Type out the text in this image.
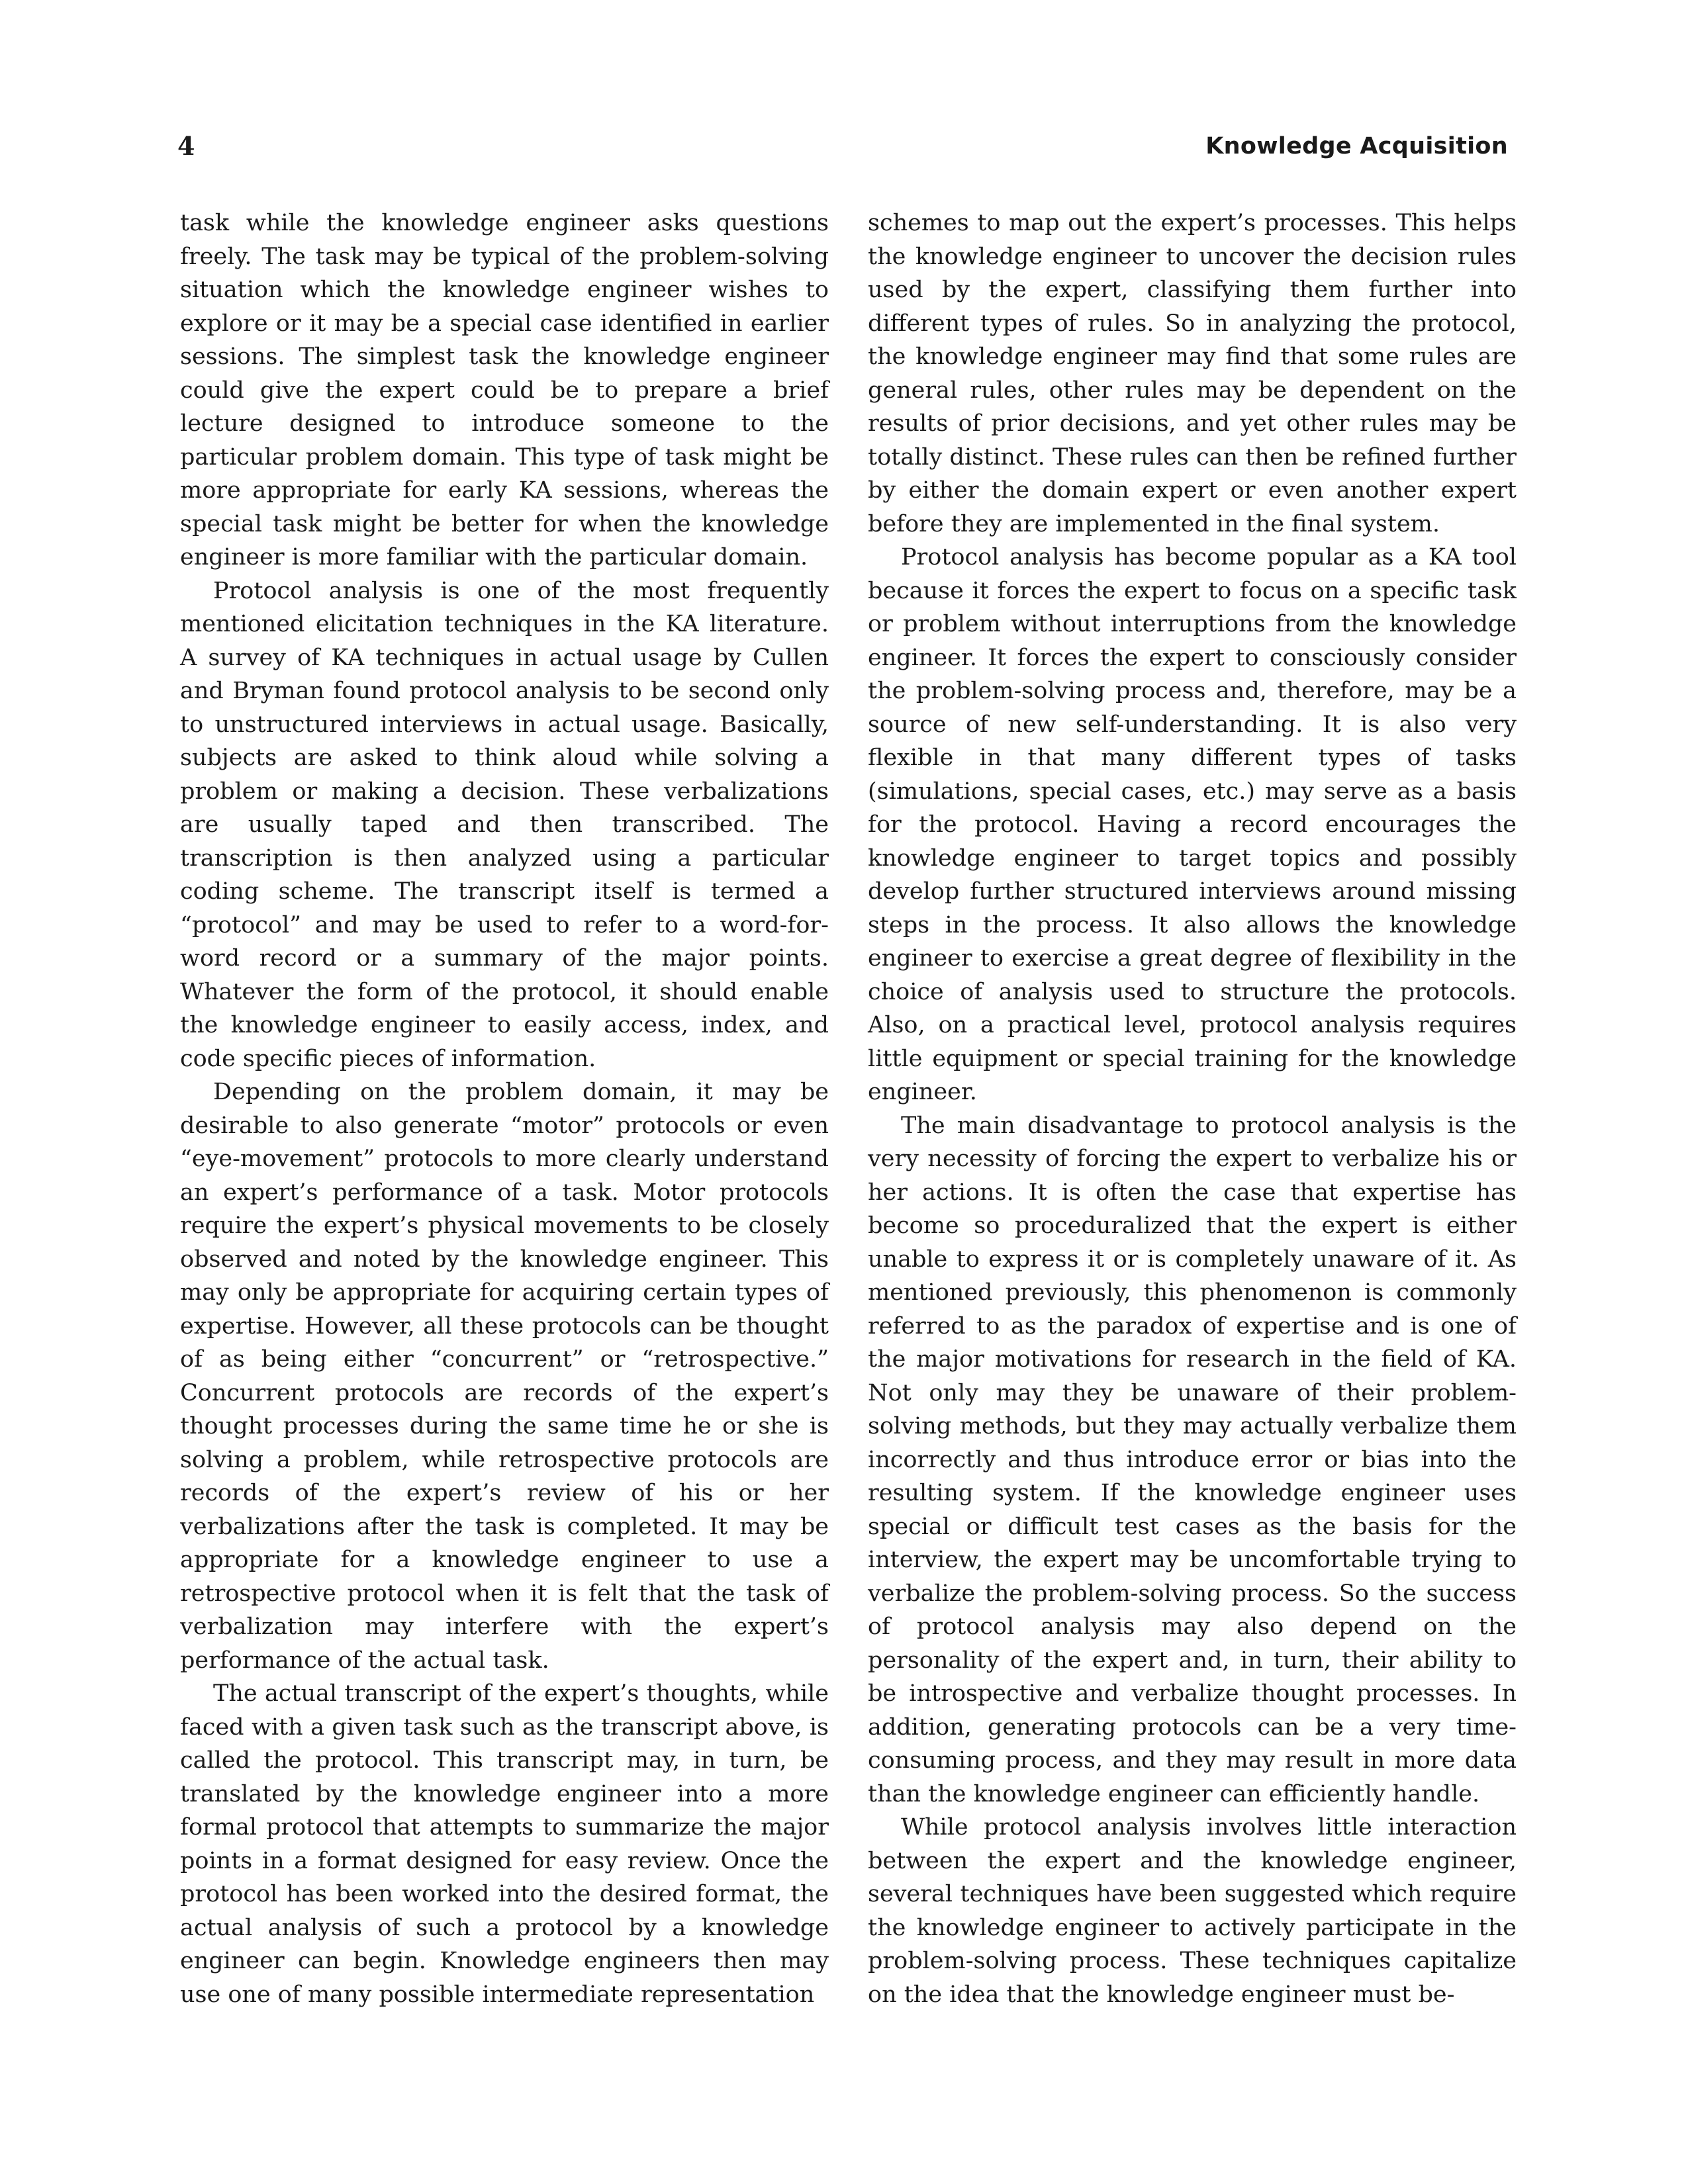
4	Knowledge Acquisition

task while the knowledge engineer asks questions freely. The task may be typical of the problem-solving situation which the knowledge engineer wishes to explore or it may be a special case identified in earlier sessions. The simplest task the knowledge engineer could give the expert could be to prepare a brief lecture designed to introduce someone to the particular problem domain. This type of task might be more appropriate for early KA sessions, whereas the special task might be better for when the knowledge engineer is more familiar with the particular domain.

Protocol analysis is one of the most frequently mentioned elicitation techniques in the KA literature. A survey of KA techniques in actual usage by Cullen and Bryman found protocol analysis to be second only to unstructured interviews in actual usage. Basically, subjects are asked to think aloud while solving a problem or making a decision. These verbalizations are usually taped and then transcribed. The transcription is then analyzed using a particular coding scheme. The transcript itself is termed a “protocol” and may be used to refer to a word-for-word record or a summary of the major points. Whatever the form of the protocol, it should enable the knowledge engineer to easily access, index, and code specific pieces of information.

Depending on the problem domain, it may be desirable to also generate “motor” protocols or even “eye-movement” protocols to more clearly understand an expert’s performance of a task. Motor protocols require the expert’s physical movements to be closely observed and noted by the knowledge engineer. This may only be appropriate for acquiring certain types of expertise. However, all these protocols can be thought of as being either “concurrent” or “retrospective.” Concurrent protocols are records of the expert’s thought processes during the same time he or she is solving a problem, while retrospective protocols are records of the expert’s review of his or her verbalizations after the task is completed. It may be appropriate for a knowledge engineer to use a retrospective protocol when it is felt that the task of verbalization may interfere with the expert’s performance of the actual task.

The actual transcript of the expert’s thoughts, while faced with a given task such as the transcript above, is called the protocol. This transcript may, in turn, be translated by the knowledge engineer into a more formal protocol that attempts to summarize the major points in a format designed for easy review. Once the protocol has been worked into the desired format, the actual analysis of such a protocol by a knowledge engineer can begin. Knowledge engineers then may use one of many possible intermediate representation

schemes to map out the expert’s processes. This helps the knowledge engineer to uncover the decision rules used by the expert, classifying them further into different types of rules. So in analyzing the protocol, the knowledge engineer may find that some rules are general rules, other rules may be dependent on the results of prior decisions, and yet other rules may be totally distinct. These rules can then be refined further by either the domain expert or even another expert before they are implemented in the final system.

Protocol analysis has become popular as a KA tool because it forces the expert to focus on a specific task or problem without interruptions from the knowledge engineer. It forces the expert to consciously consider the problem-solving process and, therefore, may be a source of new self-understanding. It is also very flexible in that many different types of tasks (simulations, special cases, etc.) may serve as a basis for the protocol. Having a record encourages the knowledge engineer to target topics and possibly develop further structured interviews around missing steps in the process. It also allows the knowledge engineer to exercise a great degree of flexibility in the choice of analysis used to structure the protocols. Also, on a practical level, protocol analysis requires little equipment or special training for the knowledge engineer.

The main disadvantage to protocol analysis is the very necessity of forcing the expert to verbalize his or her actions. It is often the case that expertise has become so proceduralized that the expert is either unable to express it or is completely unaware of it. As mentioned previously, this phenomenon is commonly referred to as the paradox of expertise and is one of the major motivations for research in the field of KA. Not only may they be unaware of their problem-solving methods, but they may actually verbalize them incorrectly and thus introduce error or bias into the resulting system. If the knowledge engineer uses special or difficult test cases as the basis for the interview, the expert may be uncomfortable trying to verbalize the problem-solving process. So the success of protocol analysis may also depend on the personality of the expert and, in turn, their ability to be introspective and verbalize thought processes. In addition, generating protocols can be a very time-consuming process, and they may result in more data than the knowledge engineer can efficiently handle.

While protocol analysis involves little interaction between the expert and the knowledge engineer, several techniques have been suggested which require the knowledge engineer to actively participate in the problem-solving process. These techniques capitalize on the idea that the knowledge engineer must be-
